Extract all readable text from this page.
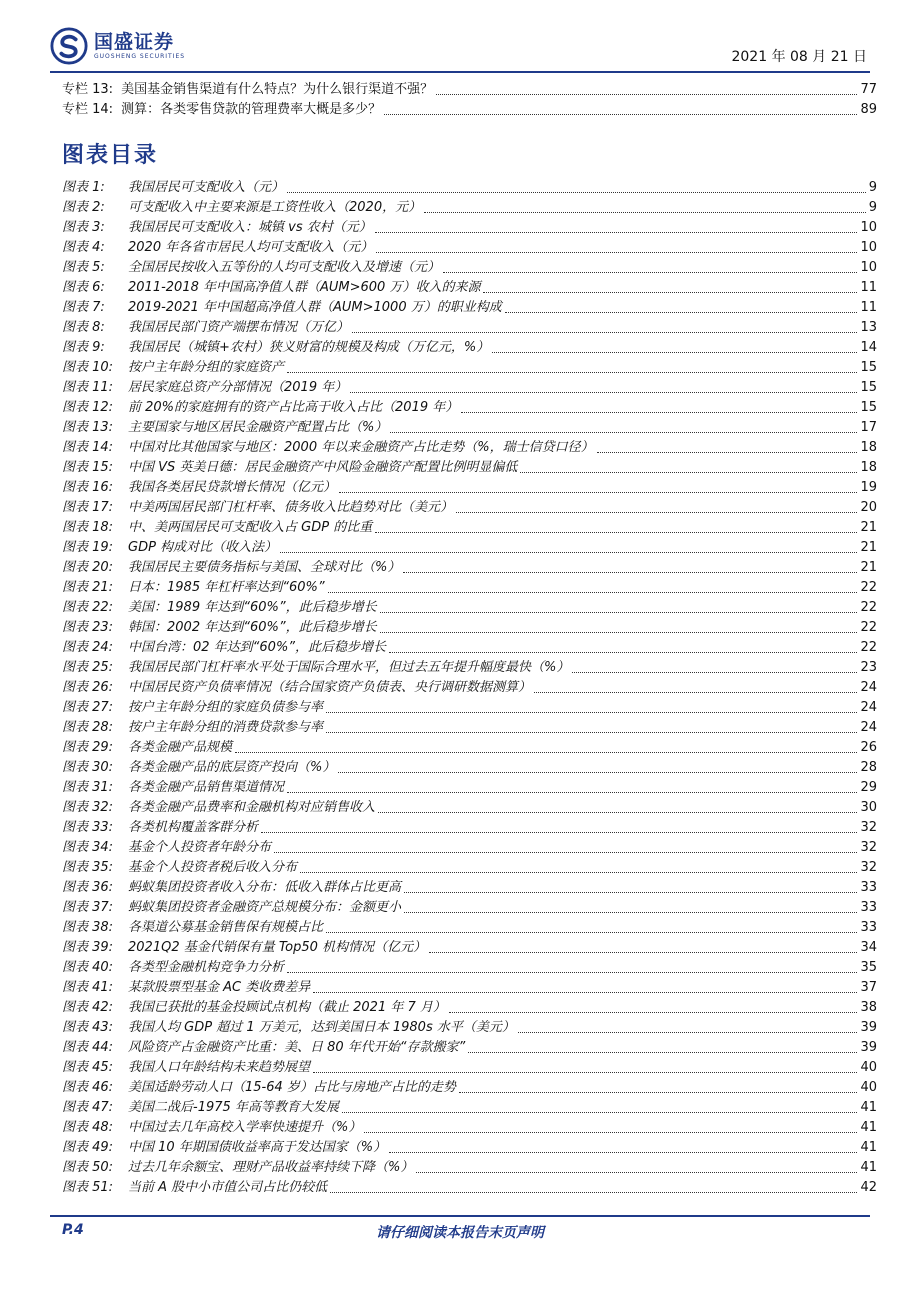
国盛证券
GUOSHENG SECURITIES	2021 年 08 月 21 日
专栏 13: 美国基金销售渠道有什么特点？为什么银行渠道不强？	77
专栏 14: 测算：各类零售贷款的管理费率大概是多少？	89
图表目录
图表 1:	我国居民可支配收入（元）	9
图表 2:	可支配收入中主要来源是工资性收入（2020，元）	9
图表 3:	我国居民可支配收入：城镇 vs 农村（元）	10
图表 4:	2020 年各省市居民人均可支配收入（元）	10
图表 5:	全国居民按收入五等份的人均可支配收入及增速（元）	10
图表 6:	2011-2018 年中国高净值人群（AUM>600 万）收入的来源	11
图表 7:	2019-2021 年中国超高净值人群（AUM>1000 万）的职业构成	11
图表 8:	我国居民部门资产端摆布情况（万亿）	13
图表 9:	我国居民（城镇+农村）狭义财富的规模及构成（万亿元，%）	14
图表 10:	按户主年龄分组的家庭资产	15
图表 11:	居民家庭总资产分部情况（2019 年）	15
图表 12:	前 20%的家庭拥有的资产占比高于收入占比（2019 年）	15
图表 13:	主要国家与地区居民金融资产配置占比（%）	17
图表 14:	中国对比其他国家与地区：2000 年以来金融资产占比走势（%，瑞士信贷口径）	18
图表 15:	中国 VS 英美日德：居民金融资产中风险金融资产配置比例明显偏低	18
图表 16:	我国各类居民贷款增长情况（亿元）	19
图表 17:	中美两国居民部门杠杆率、债务收入比趋势对比（美元）	20
图表 18:	中、美两国居民可支配收入占 GDP 的比重	21
图表 19:	GDP 构成对比（收入法）	21
图表 20:	我国居民主要债务指标与美国、全球对比（%）	21
图表 21:	日本：1985 年杠杆率达到“60%”	22
图表 22:	美国：1989 年达到“60%”，此后稳步增长	22
图表 23:	韩国：2002 年达到“60%”，此后稳步增长	22
图表 24:	中国台湾：02 年达到“60%”，此后稳步增长	22
图表 25:	我国居民部门杠杆率水平处于国际合理水平，但过去五年提升幅度最快（%）	23
图表 26:	中国居民资产负债率情况（结合国家资产负债表、央行调研数据测算）	24
图表 27:	按户主年龄分组的家庭负债参与率	24
图表 28:	按户主年龄分组的消费贷款参与率	24
图表 29:	各类金融产品规模	26
图表 30:	各类金融产品的底层资产投向（%）	28
图表 31:	各类金融产品销售渠道情况	29
图表 32:	各类金融产品费率和金融机构对应销售收入	30
图表 33:	各类机构覆盖客群分析	32
图表 34:	基金个人投资者年龄分布	32
图表 35:	基金个人投资者税后收入分布	32
图表 36:	蚂蚁集团投资者收入分布：低收入群体占比更高	33
图表 37:	蚂蚁集团投资者金融资产总规模分布：金额更小	33
图表 38:	各渠道公募基金销售保有规模占比	33
图表 39:	2021Q2 基金代销保有量 Top50 机构情况（亿元）	34
图表 40:	各类型金融机构竞争力分析	35
图表 41:	某款股票型基金 AC 类收费差异	37
图表 42:	我国已获批的基金投顾试点机构（截止 2021 年 7 月）	38
图表 43:	我国人均 GDP 超过 1 万美元，达到美国日本 1980s 水平（美元）	39
图表 44:	风险资产占金融资产比重：美、日 80 年代开始“存款搬家”	39
图表 45:	我国人口年龄结构未来趋势展望	40
图表 46:	美国适龄劳动人口（15-64 岁）占比与房地产占比的走势	40
图表 47:	美国二战后-1975 年高等教育大发展	41
图表 48:	中国过去几年高校入学率快速提升（%）	41
图表 49:	中国 10 年期国债收益率高于发达国家（%）	41
图表 50:	过去几年余额宝、理财产品收益率持续下降（%）	41
图表 51:	当前 A 股中小市值公司占比仍较低	42
P.4	请仔细阅读本报告末页声明
